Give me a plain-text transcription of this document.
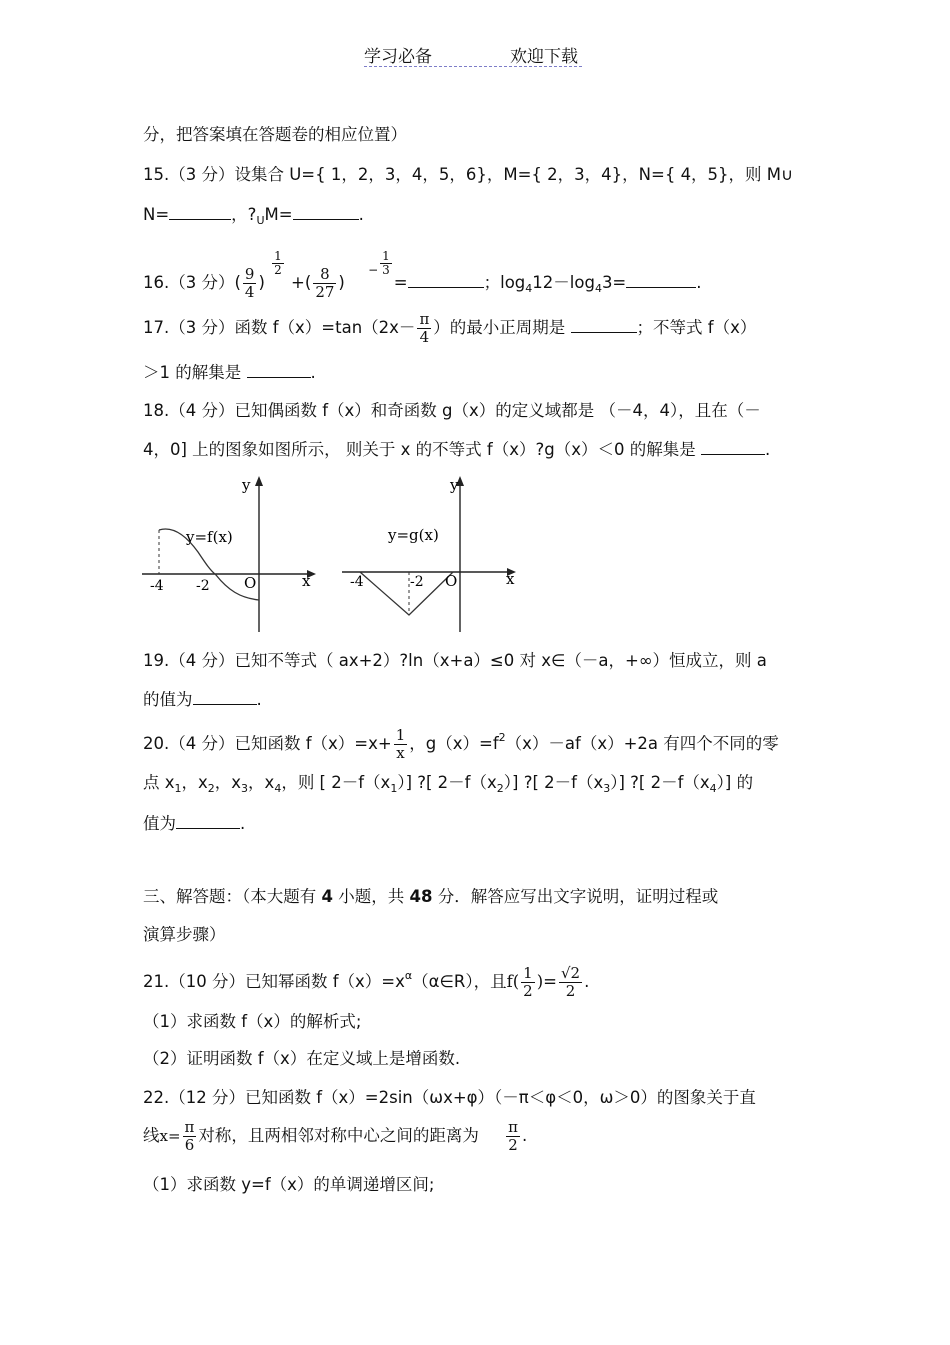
学习必备	欢迎下载
分，把答案填在答题卷的相应位置）
15.（3 分）设集合 U={ 1，2，3，4，5，6}，M={ 2，3，4}，N={ 4，5}，则 M∪
N=	，$?_UM=$	.
16.（3 分）( $\frac{9}{4}$ )
$\frac{1}{2}$
+( $\frac{8}{27}$ ) $^- \frac{1}{3}$
=	；$\log_412-\log_43=$	.
17.（3 分）函数 $f(x)=\tan(2x- \frac{\pi}{4}$ ）的最小正周期是	；不等式 f（x）
＞1 的解集是	.
18.（4 分）已知偶函数 f（x）和奇函数 g（x）的定义域都是 （－4，4），且在（－
4，0] 上的图象如图所示， 则关于 x 的不等式 f（x）?g（x）＜0 的解集是	.
y
x
y=f(x)
-4 -2 O
y
x
y=g(x)
-4	-2 O
19.（4 分）已知不等式（ ax+2）?ln（x+a）≤0 对 x∈（－a，+∞）恒成立，则 a
的值为	.
20.（4 分）已知函数 $f(x)=x+ \frac{1}{x}$ ，$g(x)=f^2(x)-af(x)+2a$ 有四个不同的零
点 $x_1$，$x_2$，$x_3$，$x_4$，则 [ $2-f(x_1)$] ?[ $2-f(x_2)$] ?[ $2-f(x_3)$] ?[ $2-f(x_4)$] 的
值为	.
三、解答题：（本大题有 4 小题，共 48 分．解答应写出文字说明，证明过程或
演算步骤）
21.（10 分）已知幂函数 $f(x)=x^\alpha(\alpha\in R)$，且$f( \frac{1}{2}$ )= $\frac{√2}{2}$ .
（1）求函数 f（x）的解析式;
（2）证明函数 f（x）在定义域上是增函数.
22.（12 分）已知函数 f（x）=2sin（ωx+φ）（－π＜φ＜0，ω＞0）的图象关于直
线$x= \frac{\pi}{6}$ 对称，且两相邻对称中心之间的距离为 $\frac{\pi}{2}$ .
（1）求函数 y=f（x）的单调递增区间;
